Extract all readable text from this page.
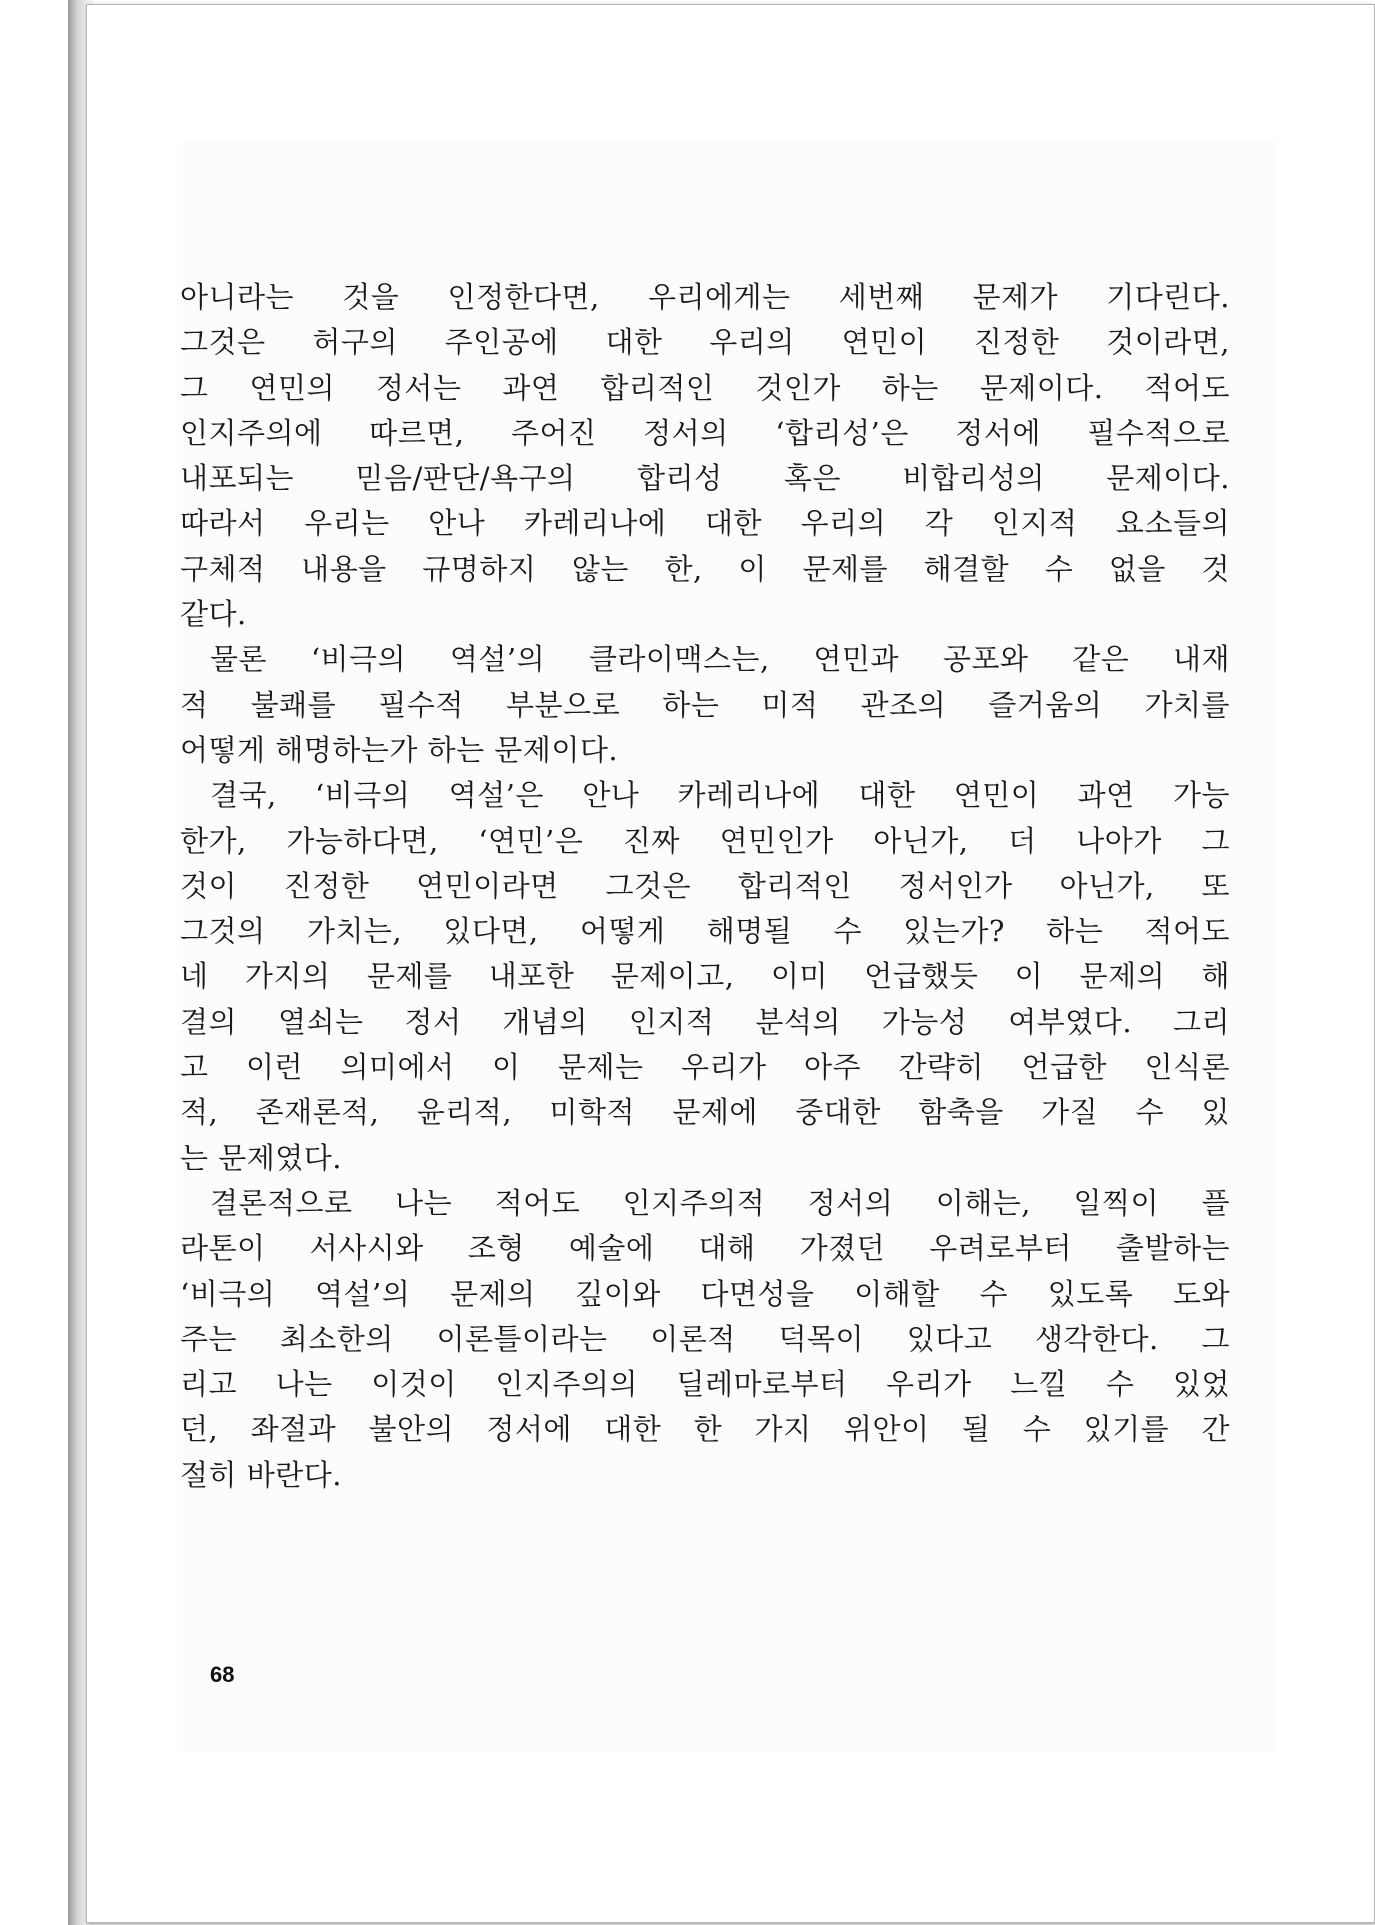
아니라는 것을 인정한다면, 우리에게는 세번째 문제가 기다린다.
그것은 허구의 주인공에 대한 우리의 연민이 진정한 것이라면,
그 연민의 정서는 과연 합리적인 것인가 하는 문제이다. 적어도
인지주의에 따르면, 주어진 정서의 ‘합리성’은 정서에 필수적으로
내포되는 믿음/판단/욕구의 합리성 혹은 비합리성의 문제이다.
따라서 우리는 안나 카레리나에 대한 우리의 각 인지적 요소들의
구체적 내용을 규명하지 않는 한, 이 문제를 해결할 수 없을 것
같다.
물론 ‘비극의 역설’의 클라이맥스는, 연민과 공포와 같은 내재
적 불쾌를 필수적 부분으로 하는 미적 관조의 즐거움의 가치를
어떻게 해명하는가 하는 문제이다.
결국, ‘비극의 역설’은 안나 카레리나에 대한 연민이 과연 가능
한가, 가능하다면, ‘연민’은 진짜 연민인가 아닌가, 더 나아가 그
것이 진정한 연민이라면 그것은 합리적인 정서인가 아닌가, 또
그것의 가치는, 있다면, 어떻게 해명될 수 있는가? 하는 적어도
네 가지의 문제를 내포한 문제이고, 이미 언급했듯 이 문제의 해
결의 열쇠는 정서 개념의 인지적 분석의 가능성 여부였다. 그리
고 이런 의미에서 이 문제는 우리가 아주 간략히 언급한 인식론
적, 존재론적, 윤리적, 미학적 문제에 중대한 함축을 가질 수 있
는 문제였다.
결론적으로 나는 적어도 인지주의적 정서의 이해는, 일찍이 플
라톤이 서사시와 조형 예술에 대해 가졌던 우려로부터 출발하는
‘비극의 역설’의 문제의 깊이와 다면성을 이해할 수 있도록 도와
주는 최소한의 이론틀이라는 이론적 덕목이 있다고 생각한다. 그
리고 나는 이것이 인지주의의 딜레마로부터 우리가 느낄 수 있었
던, 좌절과 불안의 정서에 대한 한 가지 위안이 될 수 있기를 간
절히 바란다.
68
